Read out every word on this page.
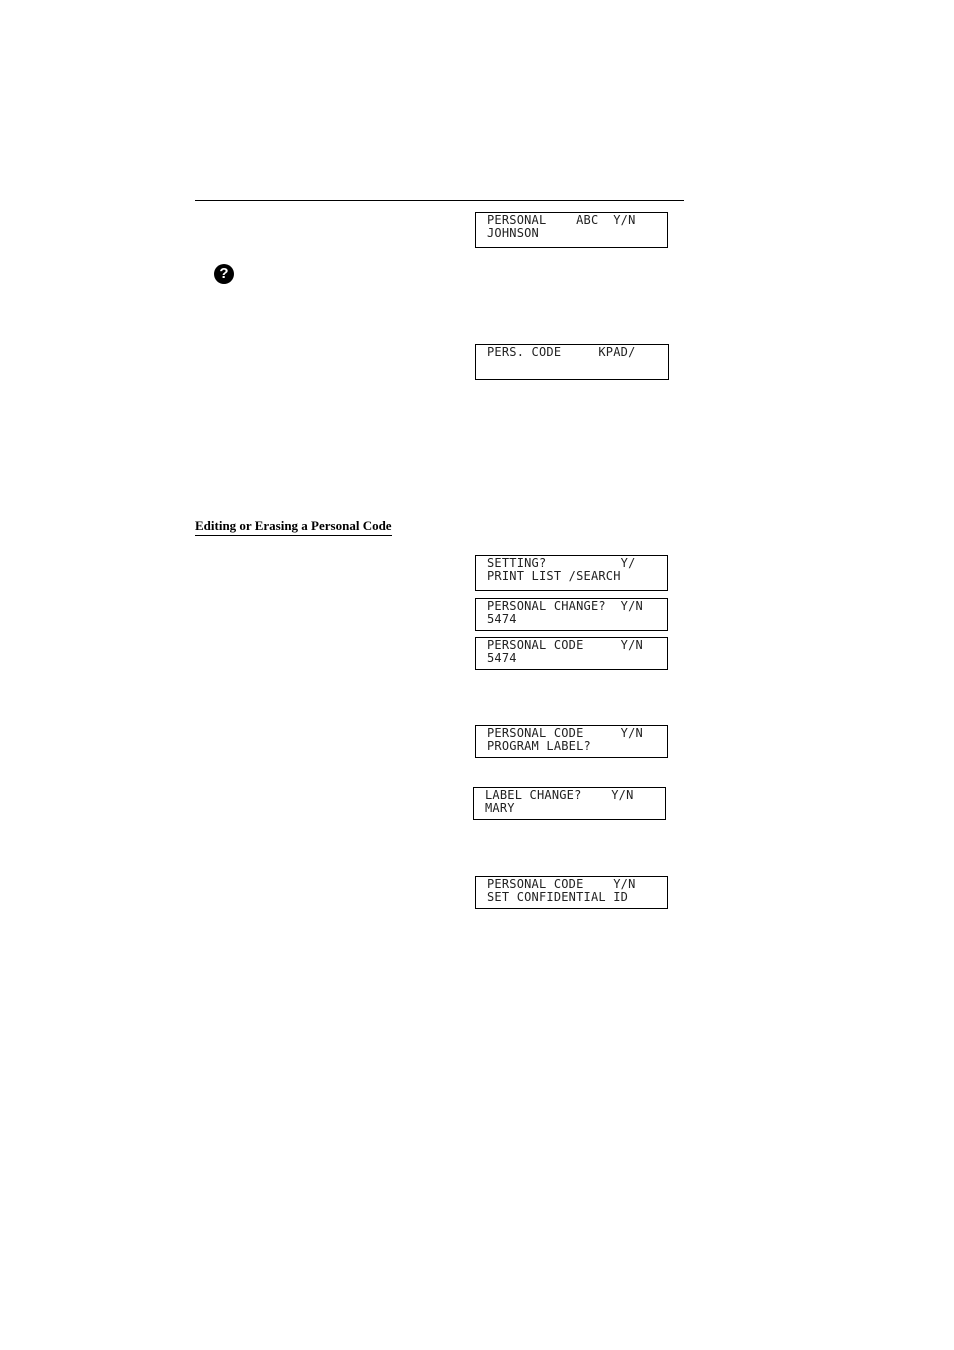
?
PERSONAL    ABC  Y/N
JOHNSON
PERS. CODE     KPAD/
Editing or Erasing a Personal Code
SETTING?          Y/
PRINT LIST /SEARCH
PERSONAL CHANGE?  Y/N
5474
PERSONAL CODE     Y/N
5474
PERSONAL CODE     Y/N
PROGRAM LABEL?
LABEL CHANGE?    Y/N
MARY
PERSONAL CODE    Y/N
SET CONFIDENTIAL ID
